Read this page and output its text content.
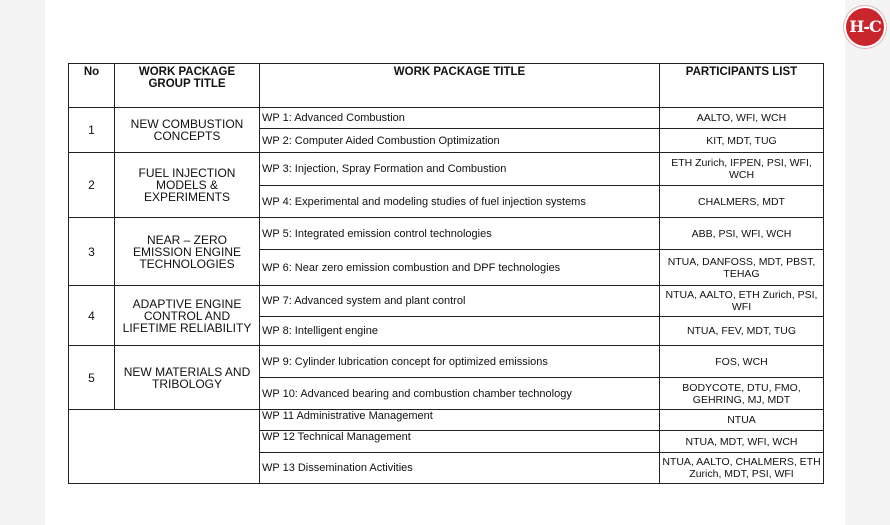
H-C
No	WORK PACKAGE GROUP TITLE	WORK PACKAGE TITLE	PARTICIPANTS LIST
1	NEW COMBUSTION CONCEPTS	WP 1: Advanced Combustion	AALTO, WFI, WCH
		WP 2: Computer Aided Combustion Optimization	KIT, MDT, TUG
2	FUEL INJECTION MODELS & EXPERIMENTS	WP 3: Injection, Spray Formation and Combustion	ETH Zurich, IFPEN, PSI, WFI, WCH
		WP 4: Experimental and modeling studies of fuel injection systems	CHALMERS, MDT
3	NEAR – ZERO EMISSION ENGINE TECHNOLOGIES	WP 5: Integrated emission control technologies	ABB, PSI, WFI, WCH
		WP 6: Near zero emission combustion and DPF technologies	NTUA, DANFOSS, MDT, PBST, TEHAG
4	ADAPTIVE ENGINE CONTROL AND LIFETIME RELIABILITY	WP 7: Advanced system and plant control	NTUA, AALTO, ETH Zurich, PSI, WFI
		WP 8: Intelligent engine	NTUA, FEV, MDT, TUG
5	NEW MATERIALS AND TRIBOLOGY	WP 9: Cylinder lubrication concept for optimized emissions	FOS, WCH
		WP 10: Advanced bearing and combustion chamber technology	BODYCOTE, DTU, FMO, GEHRING, MJ, MDT
		WP 11 Administrative Management	NTUA
		WP 12 Technical Management	NTUA, MDT, WFI, WCH
		WP 13 Dissemination Activities	NTUA, AALTO, CHALMERS, ETH Zurich, MDT, PSI, WFI
